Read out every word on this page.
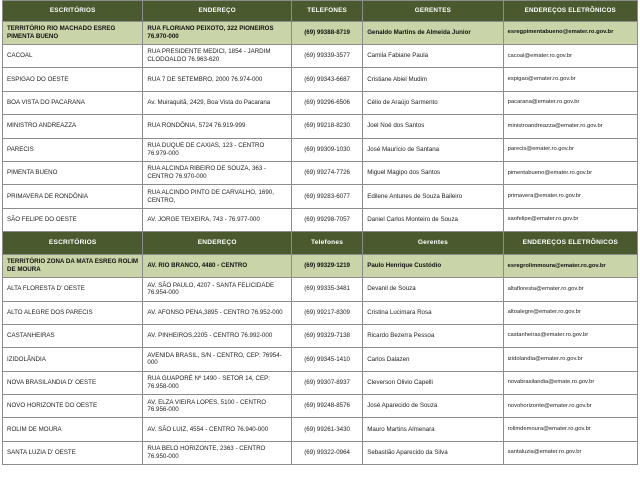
ESCRITÓRIOS	ENDEREÇO	TELEFONES	GERENTES	ENDEREÇOS ELETRÔNICOS
TERRITÓRIO RIO MACHADO ESREG PIMENTA BUENO	RUA FLORIANO PEIXOTO, 322 PIONEIROS 76.970-000	(69) 99388-8719	Genaldo Martins de Almeida Junior	esregpimentabueno@emater.ro.gov.br
CACOAL	RUA PRESIDENTE MEDICI, 1854 - JARDIM CLODOALDO 76.963-620	(69) 99339-3577	Camila Fabiane Paula	cacoal@emater.ro.gov.br
ESPIGAO DO OESTE	RUA 7 DE SETEMBRO, 2000 76.974-000	(69) 99343-6687	Cristiane Abiel Mudim	espigao@emater.ro.gov.br
BOA VISTA DO PACARANA	Av. Muiraquitã, 2429, Boa Vista do Pacarana	(69) 99296-6506	Célio de Araújo Sarmento	pacarana@emater.ro.gov.br
MINISTRO ANDREAZZA	RUA RONDÔNIA, 5724 76.919-999	(69) 99218-8230	Joel Noé dos Santos	ministroandreazza@emater.ro.gov.br
PARECIS	RUA DUQUE DE CAXIAS, 123 - CENTRO 76.979-000	(69) 99309-1030	José Maurício de Santana	parecis@emater.ro.gov.br
PIMENTA BUENO	RUA ALCINDA RIBEIRO DE SOUZA, 363 - CENTRO 76.970-000	(69) 99274-7726	Miguel Magipo dos Santos	pimentabueno@emater.ro.gov.br
PRIMAVERA DE RONDÔNIA	RUA ALCINDO PINTO DE CARVALHO, 1690, CENTRO,	(69) 99283-6077	Edilene Antunes de Souza Baileiro	primavera@emater.ro.gov.br
SÃO FELIPE DO OESTE	AV. JORGE TEIXEIRA, 743 - 76.977-000	(69) 99298-7057	Daniel Carlos Monteiro de Souza	saofelipe@emater.ro.gov.br
ESCRITÓRIOS	ENDEREÇO	Telefones	Gerentes	ENDEREÇOS ELETRÔNICOS
TERRITÓRIO ZONA DA MATA ESREG ROLIM DE MOURA	AV. RIO BRANCO, 4480 - CENTRO	(69) 99329-1219	Paulo Henrique Custódio	esregrolimmoura@emater.ro.gov.br
ALTA FLORESTA D' OESTE	AV. SÃO PAULO, 4207 - SANTA FELICIDADE 76.954-000	(69) 99335-3481	Devanil de Souza	altafloresta@emater.ro.gov.br
ALTO ALEGRE DOS PARECIS	AV. AFONSO PENA,3895 - CENTRO 76.952-000	(69) 99217-8309	Cristina Lucimara Rosa	altoalegre@emater.ro.gov.br
CASTANHEIRAS	AV. PINHEIROS,2205 - CENTRO 76.992-000	(69) 99329-7138	Ricardo Bezerra Pessoa	castanheiras@emater.ro.gov.br
IZIDOLÂNDIA	AVENIDA BRASIL, S/N - CENTRO, CEP: 76954-000	(69) 99345-1410	Carlos Dalazen	izidolandia@emater.ro.gov.br
NOVA BRASILANDIA D' OESTE	RUA GUAPORÉ Nº 1490 - SETOR 14, CEP: 76.958-000	(69) 99307-8937	Cleverson Olivio Capelli	novabrasilandia@emate.ro.gov.br
NOVO HORIZONTE DO OESTE	AV. ELZA VIEIRA LOPES, 5100 - CENTRO 76.956-000	(69) 99248-8576	José Aparecido de Souza	novohorizonte@emater.ro.gov.br
ROLIM DE MOURA	AV. SÃO LUIZ, 4554 - CENTRO 76.940-000	(69) 99261-3430	Mauro Martins Almenara	rolimdemoura@emater.ro.gov.br
SANTA LUZIA D' OESTE	RUA BELO HORIZONTE, 2363 - CENTRO 76.950-000	(69) 99322-0964	Sebastião Aparecido da Silva	santaluzia@emater.ro.gov.br
